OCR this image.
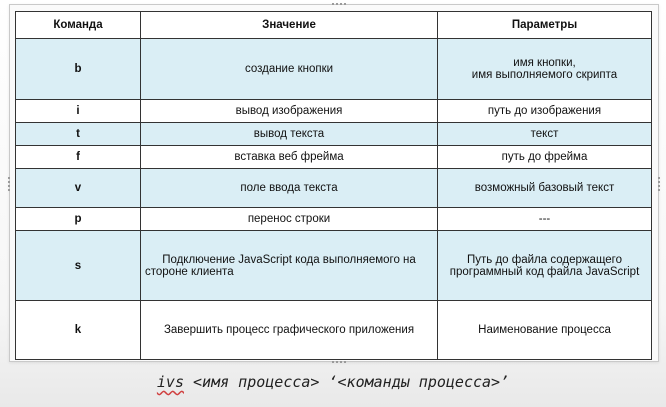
Команда	Значение	Параметры
b	создание кнопки	имя кнопки,
имя выполняемого скрипта
i	вывод изображения	путь до изображения
t	вывод текста	текст
f	вставка веб фрейма	путь до фрейма
v	поле ввода текста	возможный базовый текст
p	перенос строки	---
s	Подключение JavaScript кода выполняемого на стороне клиента	Путь до файла содержащего
программный код файла JavaScript
k	Завершить процесс графического приложения	Наименование процесса
ivs <имя процесса> ‘<команды процесса>’
